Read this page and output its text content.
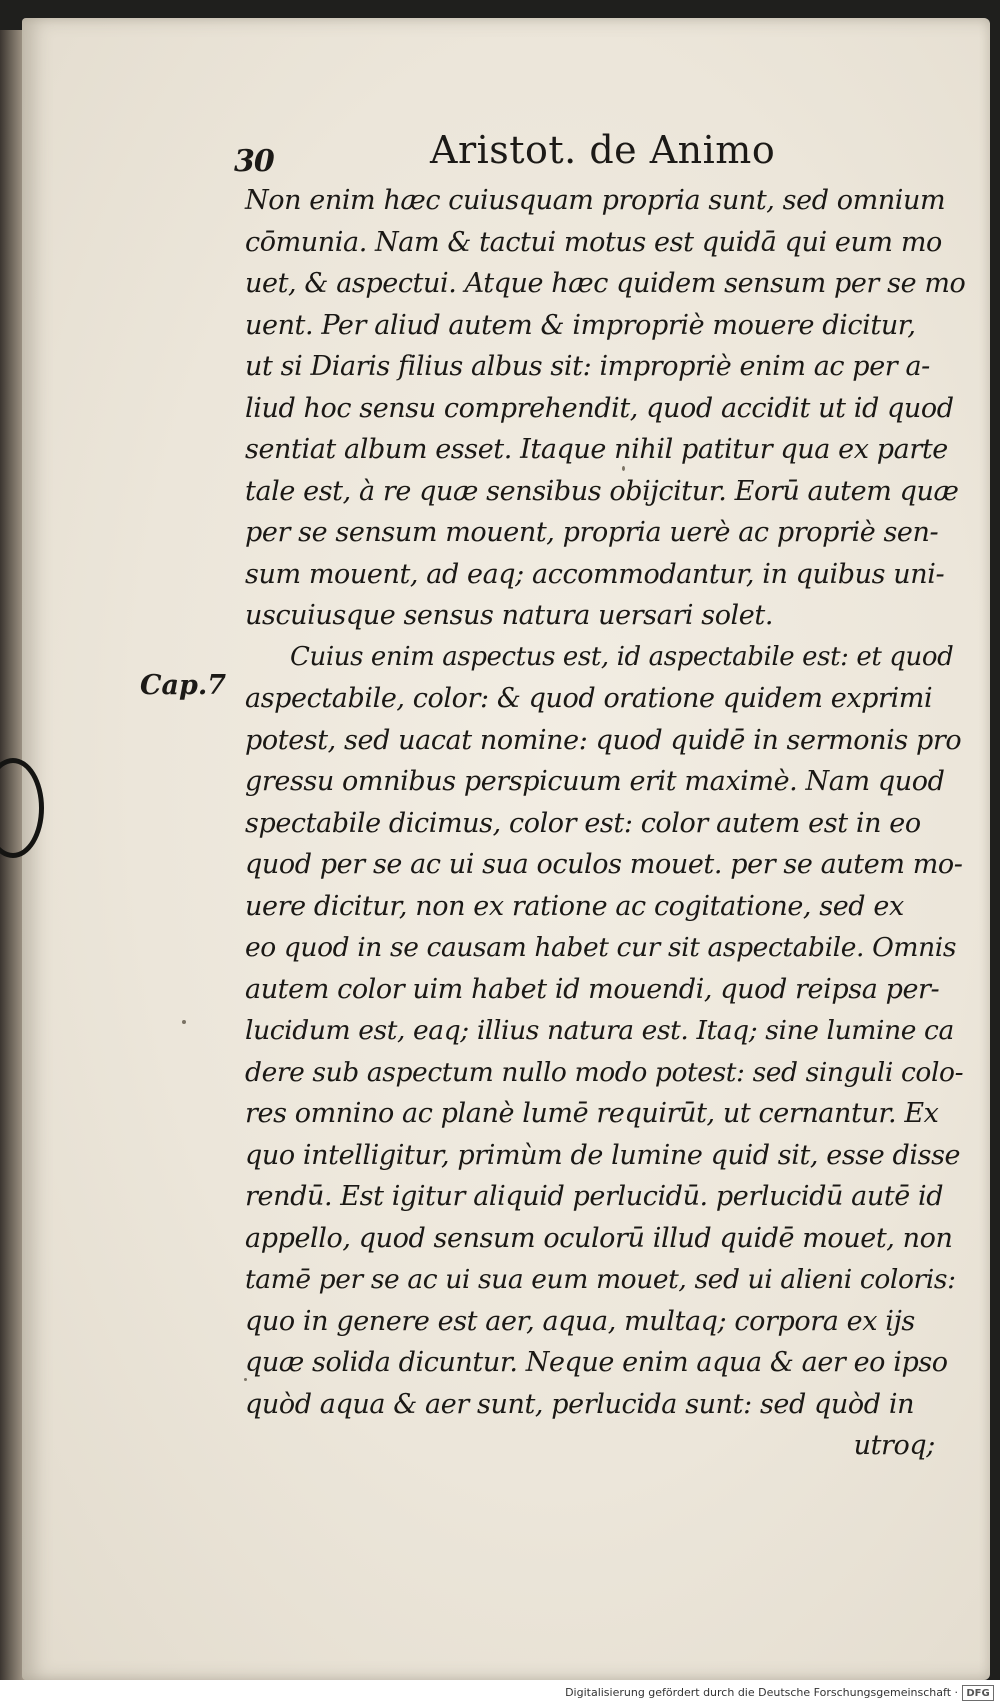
30	Aristot. de Animo
Cap.7
Non enim hæc cuiusquam propria sunt, sed omnium
cōmunia. Nam & tactui motus est quidā qui eum mo
uet, & aspectui. Atque hæc quidem sensum per se mo
uent. Per aliud autem & impropriè mouere dicitur,
ut si Diaris filius albus sit: impropriè enim ac per a-
liud hoc sensu comprehendit, quod accidit ut id quod
sentiat album esset. Itaque nihil patitur qua ex parte
tale est, à re quæ sensibus obijcitur. Eorū autem quæ
per se sensum mouent, propria uerè ac propriè sen-
sum mouent, ad eaq; accommodantur, in quibus uni-
uscuiusque sensus natura uersari solet.
Cuius enim aspectus est, id aspectabile est: et quod
aspectabile, color: & quod oratione quidem exprimi
potest, sed uacat nomine: quod quidē in sermonis pro
gressu omnibus perspicuum erit maximè. Nam quod
spectabile dicimus, color est: color autem est in eo
quod per se ac ui sua oculos mouet. per se autem mo-
uere dicitur, non ex ratione ac cogitatione, sed ex
eo quod in se causam habet cur sit aspectabile. Omnis
autem color uim habet id mouendi, quod reipsa per-
lucidum est, eaq; illius natura est. Itaq; sine lumine ca
dere sub aspectum nullo modo potest: sed singuli colo-
res omnino ac planè lumē requirūt, ut cernantur. Ex
quo intelligitur, primùm de lumine quid sit, esse disse
rendū. Est igitur aliquid perlucidū. perlucidū autē id
appello, quod sensum oculorū illud quidē mouet, non
tamē per se ac ui sua eum mouet, sed ui alieni coloris:
quo in genere est aer, aqua, multaq; corpora ex ijs
quæ solida dicuntur. Neque enim aqua & aer eo ipso
quòd aqua & aer sunt, perlucida sunt: sed quòd in
utroq;
Digitalisierung gefördert durch die Deutsche Forschungsgemeinschaft · DFG
